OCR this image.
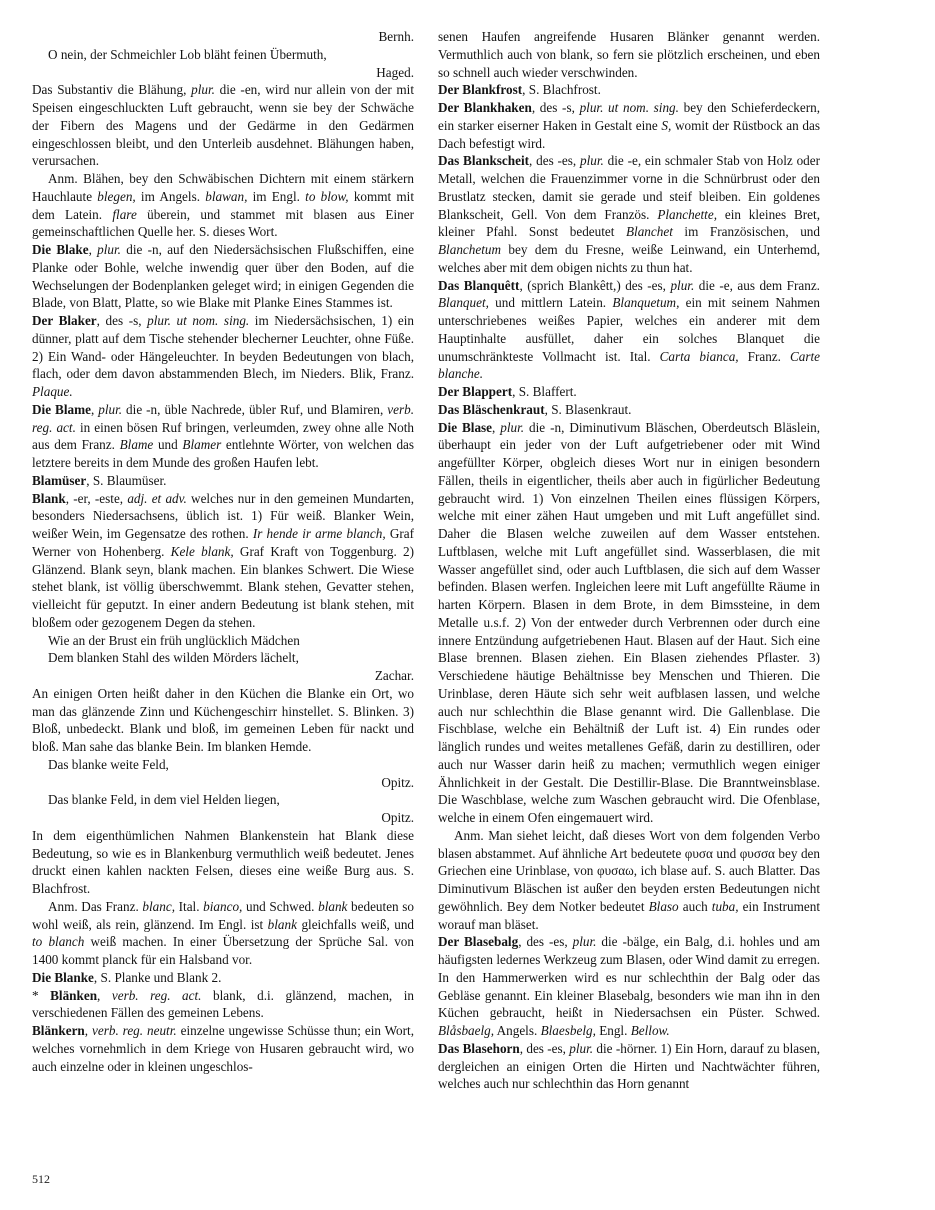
Bernh.

O nein, der Schmeichler Lob bläht feinen Übermuth,

Haged.

Das Substantiv die Blähung, plur. die -en, wird nur allein von der mit Speisen eingeschluckten Luft gebraucht, wenn sie bey der Schwäche der Fibern des Magens und der Gedärme in den Gedärmen eingeschlossen bleibt, und den Unterleib ausdehnet. Blähungen haben, verursachen.

Anm. Blähen, bey den Schwäbischen Dichtern mit einem stärkern Hauchlaute blegen, im Angels. blawan, im Engl. to blow, kommt mit dem Latein. flare überein, und stammet mit blasen aus Einer gemeinschaftlichen Quelle her. S. dieses Wort.

Die Blake, plur. die -n, auf den Niedersächsischen Flußschiffen, eine Planke oder Bohle, welche inwendig quer über den Boden, auf die Wechselungen der Bodenplanken geleget wird; in einigen Gegenden die Blade, von Blatt, Platte, so wie Blake mit Planke Eines Stammes ist.

Der Blaker, des -s, plur. ut nom. sing. im Niedersächsischen, 1) ein dünner, platt auf dem Tische stehender blecherner Leuchter, ohne Füße. 2) Ein Wand- oder Hängeleuchter. In beyden Bedeutungen von blach, flach, oder dem davon abstammenden Blech, im Nieders. Blik, Franz. Plaque.

Die Blame, plur. die -n, üble Nachrede, übler Ruf, und Blamiren, verb. reg. act. in einen bösen Ruf bringen, verleumden, zwey ohne alle Noth aus dem Franz. Blame und Blamer entlehnte Wörter, von welchen das letztere bereits in dem Munde des großen Haufen lebt.

Blamüser, S. Blaumüser.

Blank, -er, -este, adj. et adv. welches nur in den gemeinen Mundarten, besonders Niedersachsens, üblich ist. 1) Für weiß. Blanker Wein, weißer Wein, im Gegensatze des rothen. Ir hende ir arme blanch, Graf Werner von Hohenberg. Kele blank, Graf Kraft von Toggenburg. 2) Glänzend. Blank seyn, blank machen. Ein blankes Schwert. Die Wiese stehet blank, ist völlig überschwemmt. Blank stehen, Gevatter stehen, vielleicht für geputzt. In einer andern Bedeutung ist blank stehen, mit bloßem oder gezogenem Degen da stehen.

Wie an der Brust ein früh unglücklich Mädchen

Dem blanken Stahl des wilden Mörders lächelt,

Zachar.

An einigen Orten heißt daher in den Küchen die Blanke ein Ort, wo man das glänzende Zinn und Küchengeschirr hinstellet. S. Blinken. 3) Bloß, unbedeckt. Blank und bloß, im gemeinen Leben für nackt und bloß. Man sahe das blanke Bein. Im blanken Hemde.

Das blanke weite Feld,

Opitz.

Das blanke Feld, in dem viel Helden liegen,

Opitz.

In dem eigenthümlichen Nahmen Blankenstein hat Blank diese Bedeutung, so wie es in Blankenburg vermuthlich weiß bedeutet. Jenes druckt einen kahlen nackten Felsen, dieses eine weiße Burg aus. S. Blachfrost.

Anm. Das Franz. blanc, Ital. bianco, und Schwed. blank bedeuten so wohl weiß, als rein, glänzend. Im Engl. ist blank gleichfalls weiß, und to blanch weiß machen. In einer Übersetzung der Sprüche Sal. von 1400 kommt planck für ein Halsband vor.

Die Blanke, S. Planke und Blank 2.

* Blänken, verb. reg. act. blank, d.i. glänzend, machen, in verschiedenen Fällen des gemeinen Lebens.

Blänkern, verb. reg. neutr. einzelne ungewisse Schüsse thun; ein Wort, welches vornehmlich in dem Kriege von Husaren gebraucht wird, wo auch einzelne oder in kleinen ungeschlos-

senen Haufen angreifende Husaren Blänker genannt werden. Vermuthlich auch von blank, so fern sie plötzlich erscheinen, und eben so schnell auch wieder verschwinden.

Der Blankfrost, S. Blachfrost.

Der Blankhaken, des -s, plur. ut nom. sing. bey den Schieferdeckern, ein starker eiserner Haken in Gestalt eine S, womit der Rüstbock an das Dach befestigt wird.

Das Blankscheit, des -es, plur. die -e, ein schmaler Stab von Holz oder Metall, welchen die Frauenzimmer vorne in die Schnürbrust oder den Brustlatz stecken, damit sie gerade und steif bleiben. Ein goldenes Blankscheit, Gell. Von dem Französ. Planchette, ein kleines Bret, kleiner Pfahl. Sonst bedeutet Blanchet im Französischen, und Blanchetum bey dem du Fresne, weiße Leinwand, ein Unterhemd, welches aber mit dem obigen nichts zu thun hat.

Das Blanquêtt, (sprich Blankêtt,) des -es, plur. die -e, aus dem Franz. Blanquet, und mittlern Latein. Blanquetum, ein mit seinem Nahmen unterschriebenes weißes Papier, welches ein anderer mit dem Hauptinhalte ausfüllet, daher ein solches Blanquet die unumschränkteste Vollmacht ist. Ital. Carta bianca, Franz. Carte blanche.

Der Blappert, S. Blaffert.

Das Bläschenkraut, S. Blasenkraut.

Die Blase, plur. die -n, Diminutivum Bläschen, Oberdeutsch Bläslein, überhaupt ein jeder von der Luft aufgetriebener oder mit Wind angefüllter Körper, obgleich dieses Wort nur in einigen besondern Fällen, theils in eigentlicher, theils aber auch in figürlicher Bedeutung gebraucht wird. 1) Von einzelnen Theilen eines flüssigen Körpers, welche mit einer zähen Haut umgeben und mit Luft angefüllet sind. Daher die Blasen welche zuweilen auf dem Wasser entstehen. Luftblasen, welche mit Luft angefüllet sind. Wasserblasen, die mit Wasser angefüllet sind, oder auch Luftblasen, die sich auf dem Wasser befinden. Blasen werfen. Ingleichen leere mit Luft angefüllte Räume in harten Körpern. Blasen in dem Brote, in dem Bimssteine, in dem Metalle u.s.f. 2) Von der entweder durch Verbrennen oder durch eine innere Entzündung aufgetriebenen Haut. Blasen auf der Haut. Sich eine Blase brennen. Blasen ziehen. Ein Blasen ziehendes Pflaster. 3) Verschiedene häutige Behältnisse bey Menschen und Thieren. Die Urinblase, deren Häute sich sehr weit aufblasen lassen, und welche auch nur schlechthin die Blase genannt wird. Die Gallenblase. Die Fischblase, welche ein Behältniß der Luft ist. 4) Ein rundes oder länglich rundes und weites metallenes Gefäß, darin zu destilliren, oder auch nur Wasser darin heiß zu machen; vermuthlich wegen einiger Ähnlichkeit in der Gestalt. Die Destillir-Blase. Die Branntweinsblase. Die Waschblase, welche zum Waschen gebraucht wird. Die Ofenblase, welche in einem Ofen eingemauert wird.

Anm. Man siehet leicht, daß dieses Wort von dem folgenden Verbo blasen abstammet. Auf ähnliche Art bedeutete φυσα und φυσσα bey den Griechen eine Urinblase, von φυσαω, ich blase auf. S. auch Blatter. Das Diminutivum Bläschen ist außer den beyden ersten Bedeutungen nicht gewöhnlich. Bey dem Notker bedeutet Blaso auch tuba, ein Instrument worauf man bläset.

Der Blasebalg, des -es, plur. die -bälge, ein Balg, d.i. hohles und am häufigsten ledernes Werkzeug zum Blasen, oder Wind damit zu erregen. In den Hammerwerken wird es nur schlechthin der Balg oder das Gebläse genannt. Ein kleiner Blasebalg, besonders wie man ihn in den Küchen gebraucht, heißt in Niedersachsen ein Püster. Schwed. Blåsbaelg, Angels. Blaesbelg, Engl. Bellow.

Das Blasehorn, des -es, plur. die -hörner. 1) Ein Horn, darauf zu blasen, dergleichen an einigen Orten die Hirten und Nachtwächter führen, welches auch nur schlechthin das Horn genannt

512
